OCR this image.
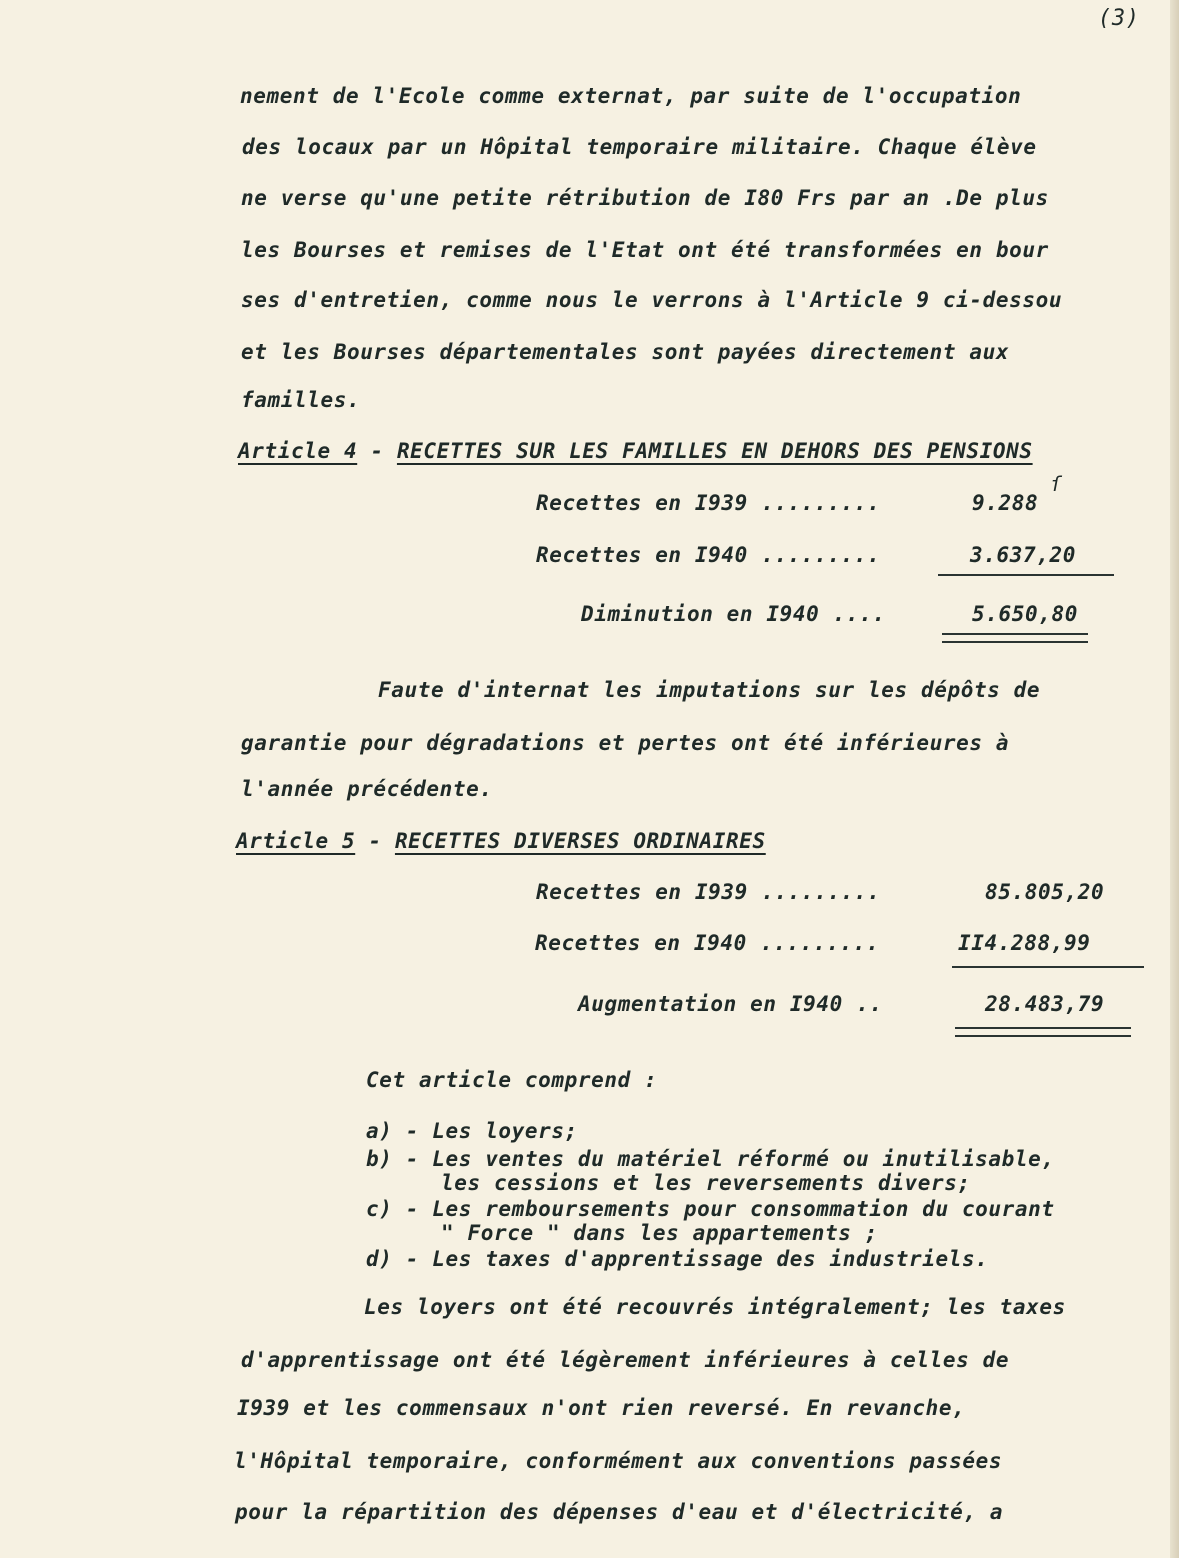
(3)
nement de l'Ecole comme externat, par suite de l'occupation
des locaux par un Hôpital temporaire militaire. Chaque élève
ne verse qu'une petite rétribution de I80 Frs par an .De plus
les Bourses et remises de l'Etat ont été transformées en bour
ses d'entretien, comme nous le verrons à l'Article 9 ci-dessou
et les Bourses départementales sont payées directement aux
familles.
Article 4 - RECETTES SUR LES FAMILLES EN DEHORS DES PENSIONS
ſ
Recettes en I939 .........	9.288
Recettes en I940 .........	3.637,20
Diminution en I940 ....	5.650,80
Faute d'internat les imputations sur les dépôts de
garantie pour dégradations et pertes ont été inférieures à
l'année précédente.
Article 5 - RECETTES DIVERSES ORDINAIRES
Recettes en I939 .........	85.805,20
Recettes en I940 .........	II4.288,99
Augmentation en I940 ..	28.483,79
Cet article comprend :
a) - Les loyers;
b) - Les ventes du matériel réformé ou inutilisable,
les cessions et les reversements divers;
c) - Les remboursements pour consommation du courant
" Force " dans les appartements ;
d) - Les taxes d'apprentissage des industriels.
Les loyers ont été recouvrés intégralement; les taxes
d'apprentissage ont été légèrement inférieures à celles de
I939 et les commensaux n'ont rien reversé. En revanche,
l'Hôpital temporaire, conformément aux conventions passées
pour la répartition des dépenses d'eau et d'électricité, a
